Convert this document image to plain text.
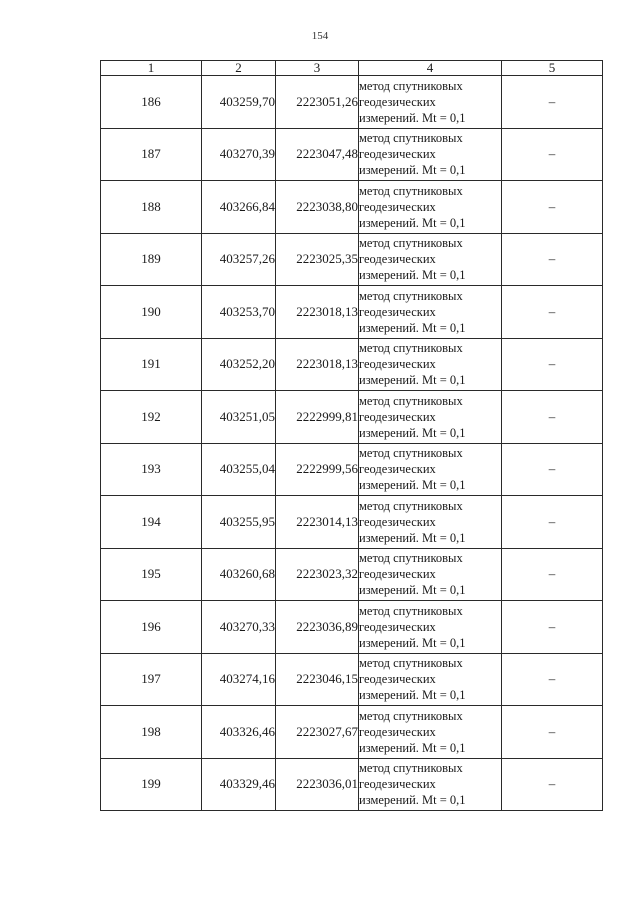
154
1	2	3	4	5
186	403259,70	2223051,26	метод спутниковых
геодезических
измерений. Mt = 0,1	–
187	403270,39	2223047,48	метод спутниковых
геодезических
измерений. Mt = 0,1	–
188	403266,84	2223038,80	метод спутниковых
геодезических
измерений. Mt = 0,1	–
189	403257,26	2223025,35	метод спутниковых
геодезических
измерений. Mt = 0,1	–
190	403253,70	2223018,13	метод спутниковых
геодезических
измерений. Mt = 0,1	–
191	403252,20	2223018,13	метод спутниковых
геодезических
измерений. Mt = 0,1	–
192	403251,05	2222999,81	метод спутниковых
геодезических
измерений. Mt = 0,1	–
193	403255,04	2222999,56	метод спутниковых
геодезических
измерений. Mt = 0,1	–
194	403255,95	2223014,13	метод спутниковых
геодезических
измерений. Mt = 0,1	–
195	403260,68	2223023,32	метод спутниковых
геодезических
измерений. Mt = 0,1	–
196	403270,33	2223036,89	метод спутниковых
геодезических
измерений. Mt = 0,1	–
197	403274,16	2223046,15	метод спутниковых
геодезических
измерений. Mt = 0,1	–
198	403326,46	2223027,67	метод спутниковых
геодезических
измерений. Mt = 0,1	–
199	403329,46	2223036,01	метод спутниковых
геодезических
измерений. Mt = 0,1	–
